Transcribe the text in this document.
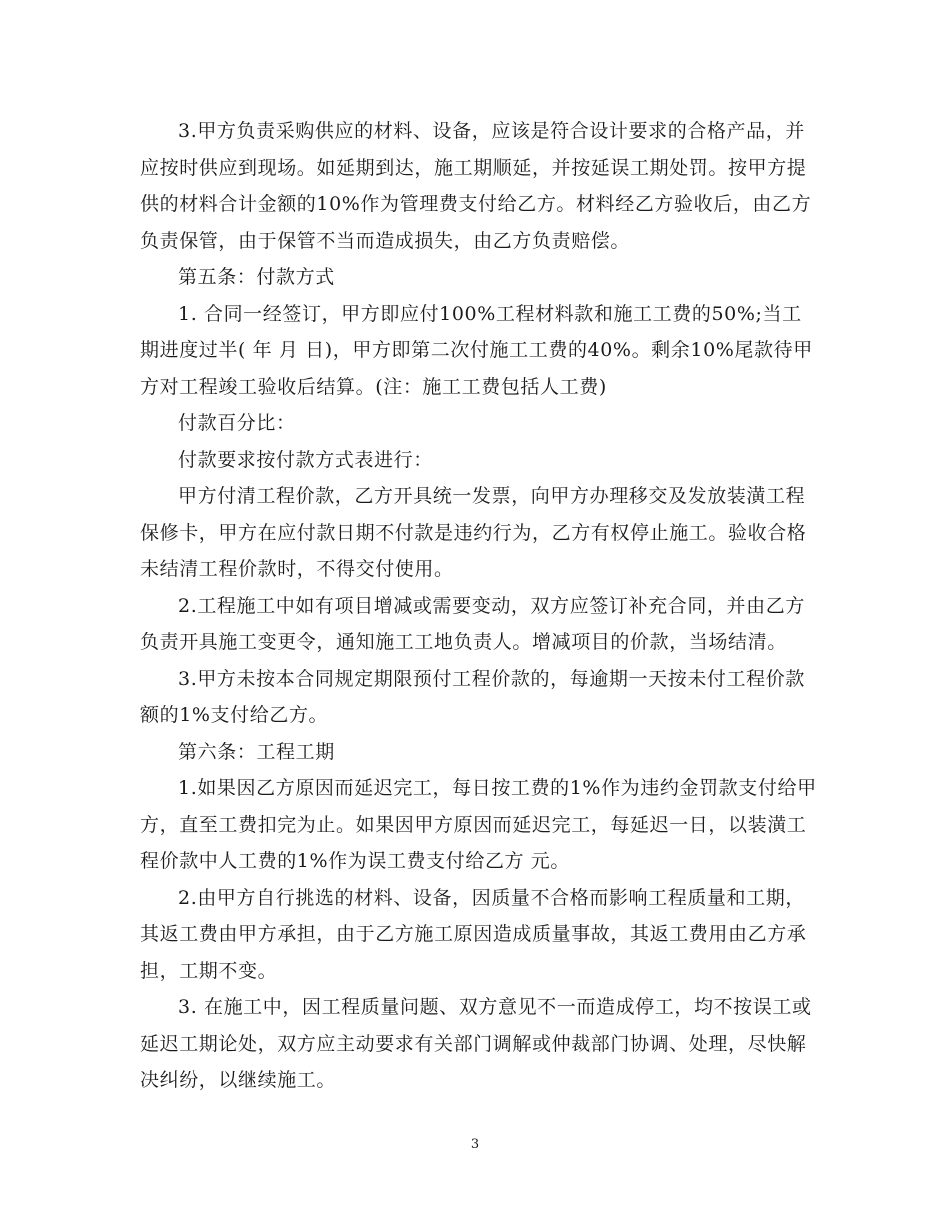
3.甲方负责采购供应的材料、设备，应该是符合设计要求的合格产品，并应按时供应到现场。如延期到达，施工期顺延，并按延误工期处罚。按甲方提供的材料合计金额的10%作为管理费支付给乙方。材料经乙方验收后，由乙方负责保管，由于保管不当而造成损失，由乙方负责赔偿。

第五条：付款方式

1. 合同一经签订，甲方即应付100%工程材料款和施工工费的50%;当工期进度过半( 年 月 日)，甲方即第二次付施工工费的40%。剩余10%尾款待甲方对工程竣工验收后结算。(注：施工工费包括人工费)

付款百分比：

付款要求按付款方式表进行：

甲方付清工程价款，乙方开具统一发票，向甲方办理移交及发放装潢工程保修卡，甲方在应付款日期不付款是违约行为，乙方有权停止施工。验收合格未结清工程价款时，不得交付使用。

2.工程施工中如有项目增减或需要变动，双方应签订补充合同，并由乙方负责开具施工变更令，通知施工工地负责人。增减项目的价款，当场结清。

3.甲方未按本合同规定期限预付工程价款的，每逾期一天按未付工程价款额的1%支付给乙方。

第六条：工程工期

1.如果因乙方原因而延迟完工，每日按工费的1%作为违约金罚款支付给甲方，直至工费扣完为止。如果因甲方原因而延迟完工，每延迟一日，以装潢工程价款中人工费的1%作为误工费支付给乙方 元。

2.由甲方自行挑选的材料、设备，因质量不合格而影响工程质量和工期，其返工费由甲方承担，由于乙方施工原因造成质量事故，其返工费用由乙方承担，工期不变。

3. 在施工中，因工程质量问题、双方意见不一而造成停工，均不按误工或延迟工期论处，双方应主动要求有关部门调解或仲裁部门协调、处理，尽快解决纠纷，以继续施工。

3
